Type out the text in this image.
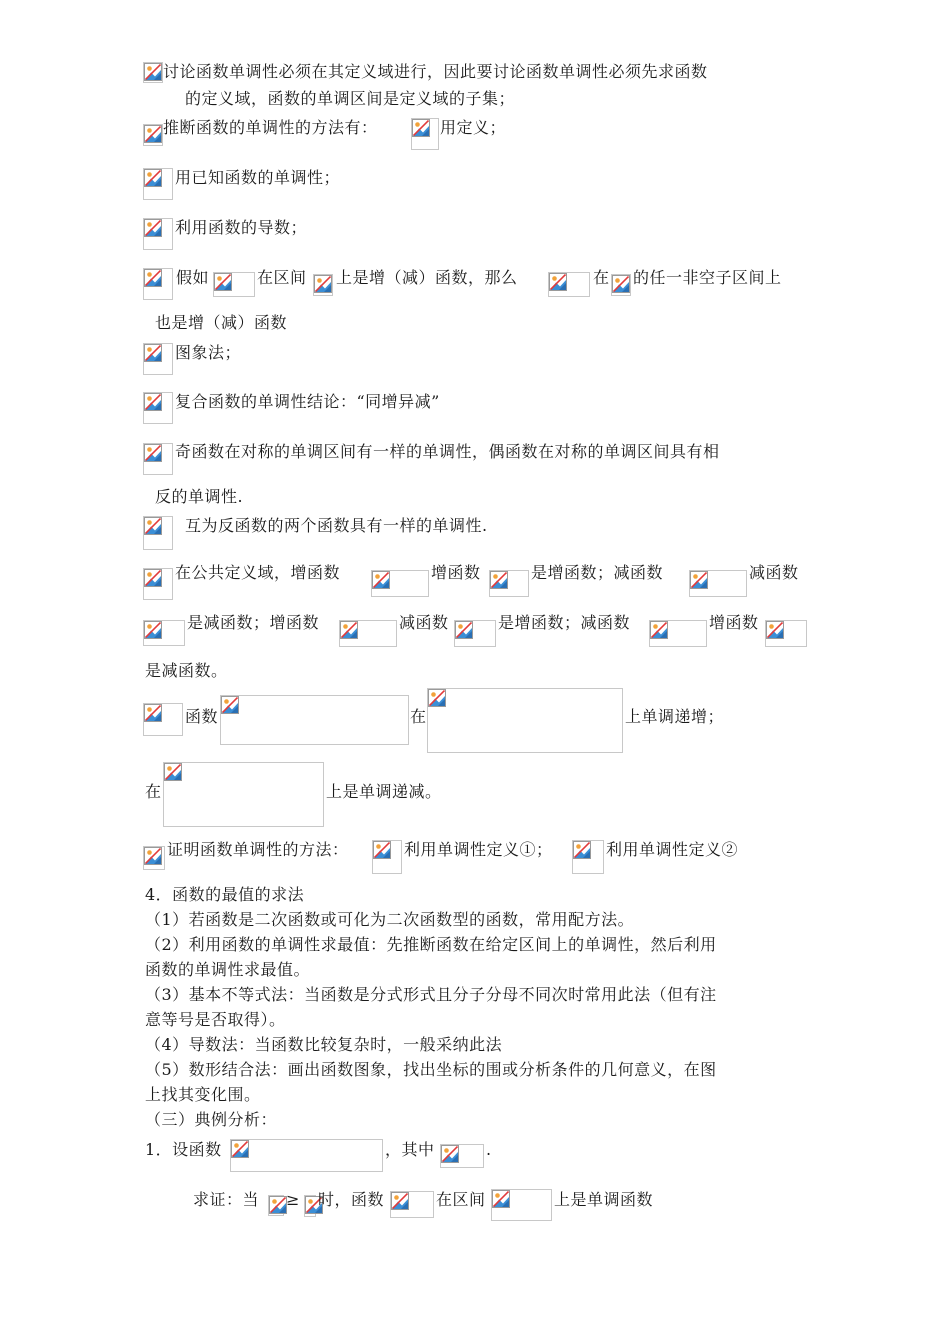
讨论函数单调性必须在其定义域进行，因此要讨论函数单调性必须先求函数
的定义域，函数的单调区间是定义域的子集；
推断函数的单调性的方法有：	用定义；
用已知函数的单调性；
利用函数的导数；
假如	在区间 上是增（减）函数，那么	在 的任一非空子区间上
也是增（减）函数
图象法；
复合函数的单调性结论：“同增异减”
奇函数在对称的单调区间有一样的单调性，偶函数在对称的单调区间具有相
反的单调性.
互为反函数的两个函数具有一样的单调性.
在公共定义域，增函数	增函数	是增函数；减函数	减函数
是减函数；增函数	减函数	是增函数；减函数	增函数
是减函数。
函数	在	上单调递增；
在	上是单调递减。
证明函数单调性的方法：	利用单调性定义①；	利用单调性定义②
4．函数的最值的求法
（1）若函数是二次函数或可化为二次函数型的函数，常用配方法。
（2）利用函数的单调性求最值：先推断函数在给定区间上的单调性，然后利用
函数的单调性求最值。
（3）基本不等式法：当函数是分式形式且分子分母不同次时常用此法（但有注
意等号是否取得）。
（4）导数法：当函数比较复杂时，一般采纳此法
（5）数形结合法：画出函数图象，找出坐标的围或分析条件的几何意义，在图
上找其变化围。
（三）典例分析：
1．设函数	，其中	.
求证：当 ≥ 时，函数	在区间	上是单调函数
